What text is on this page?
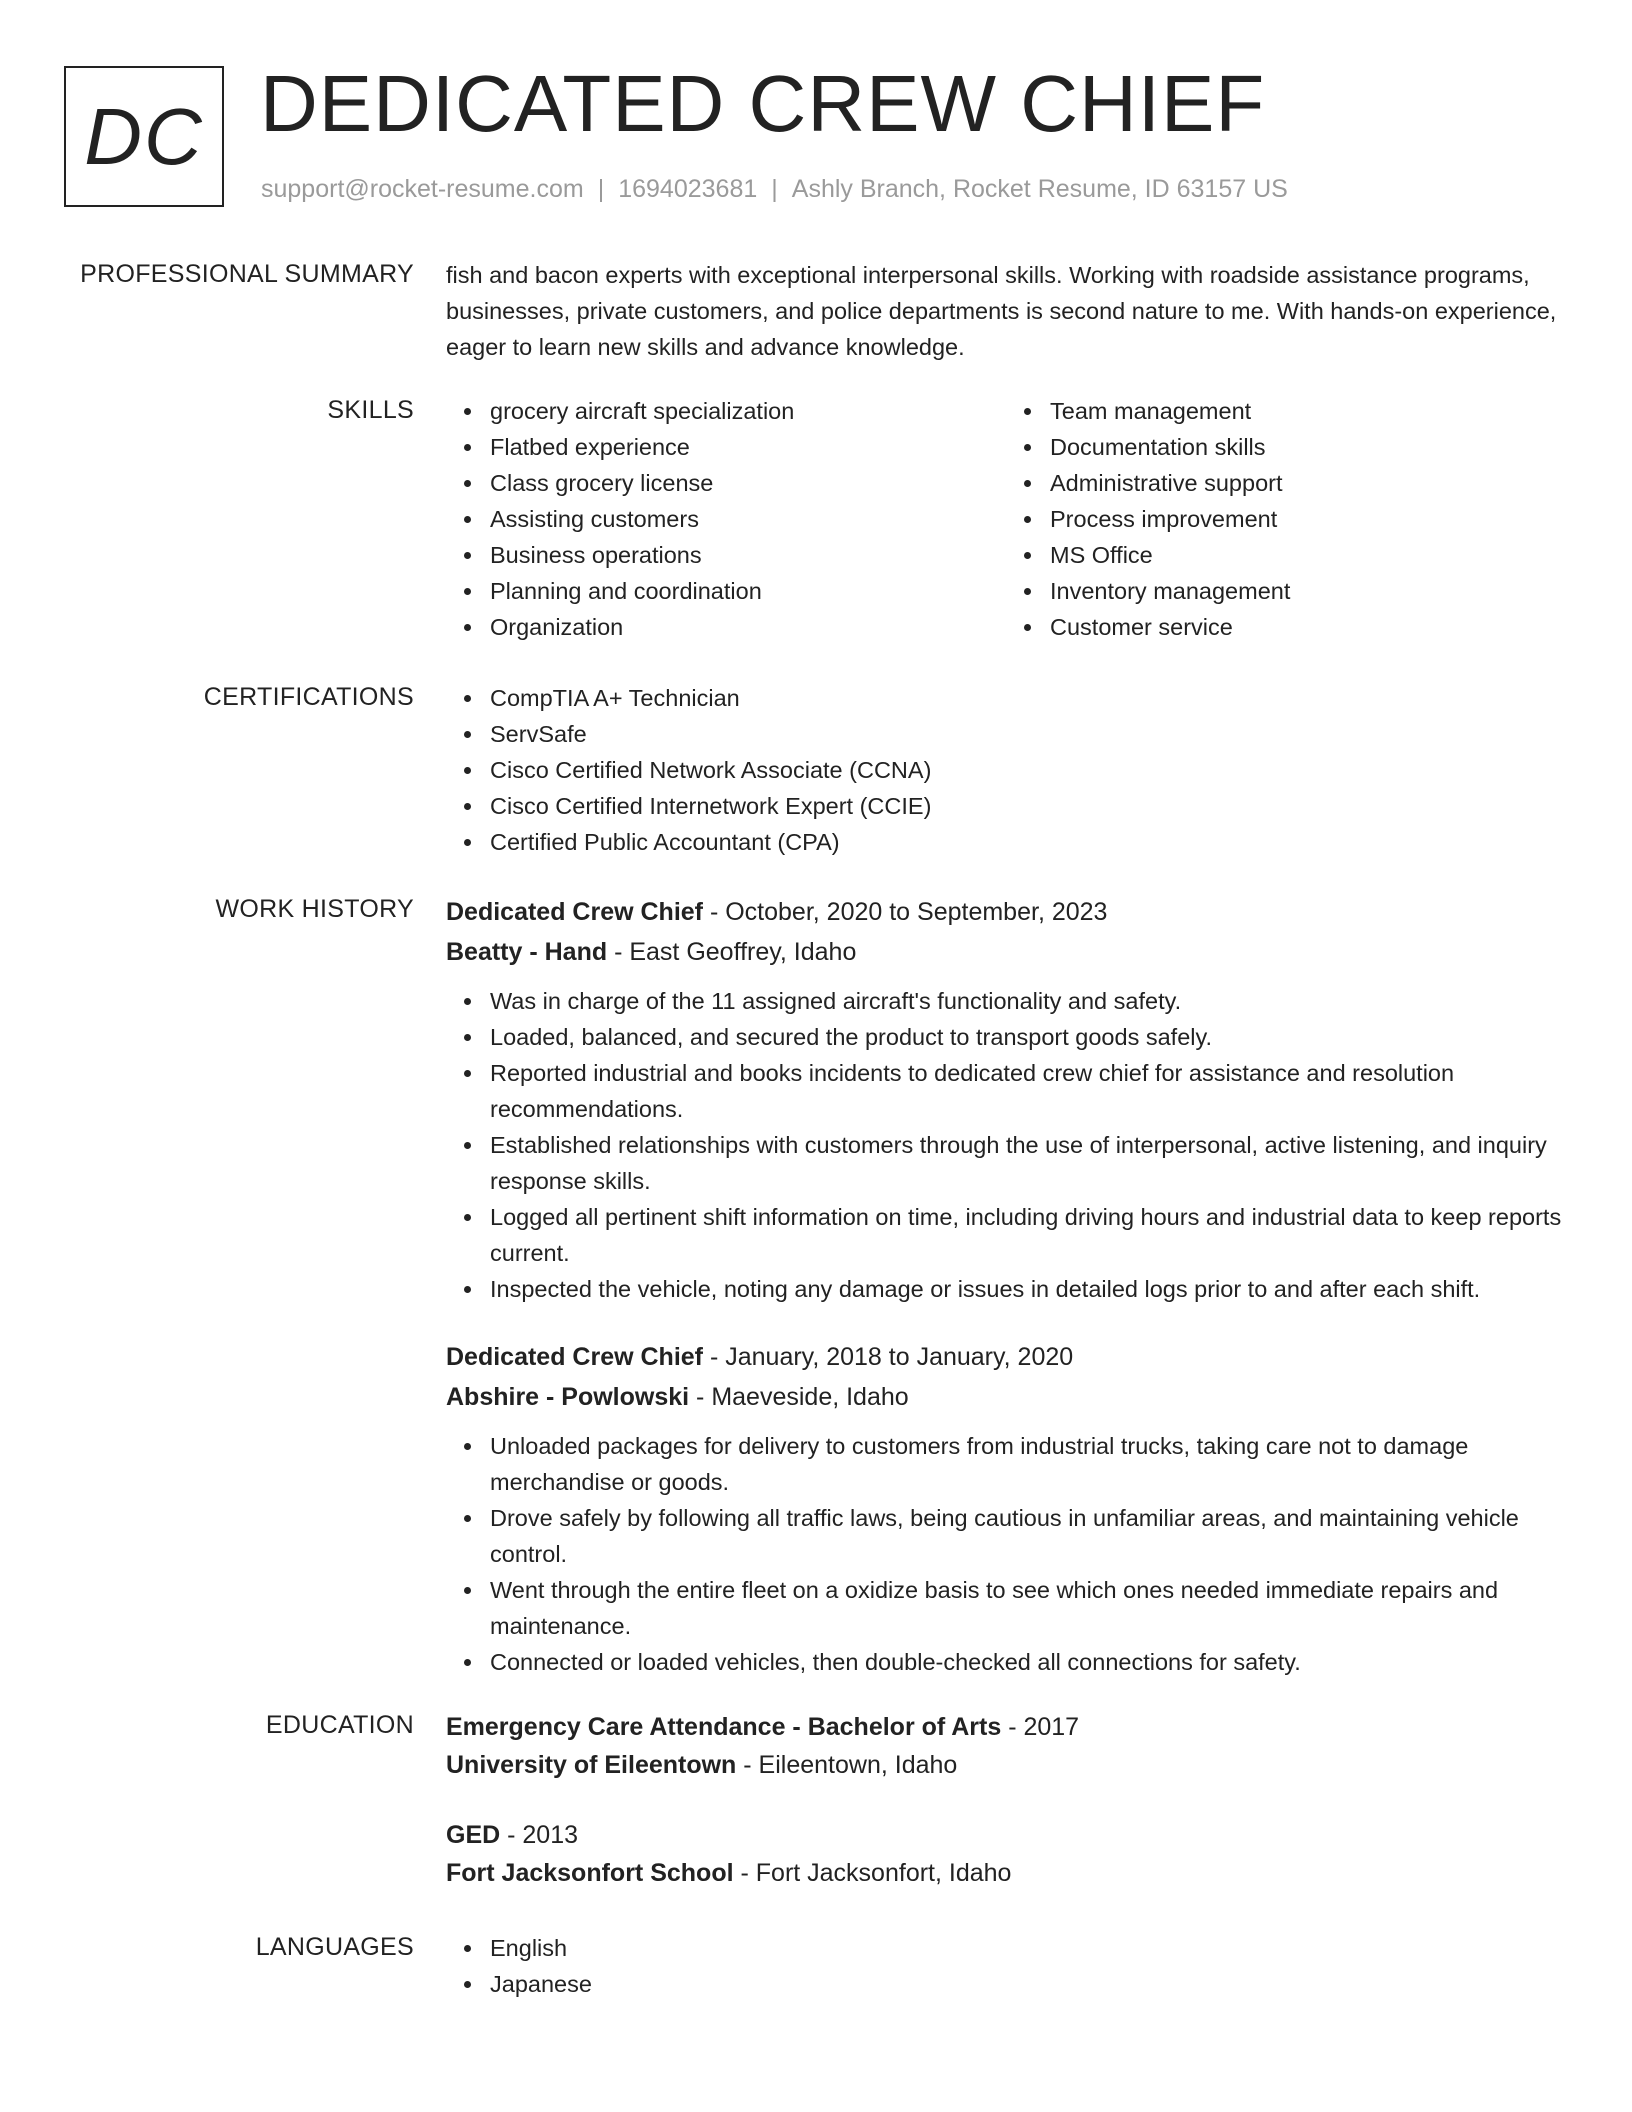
DC DEDICATED CREW CHIEF
support@rocket-resume.com | 1694023681 | Ashly Branch, Rocket Resume, ID 63157 US
PROFESSIONAL SUMMARY fish and bacon experts with exceptional interpersonal skills. Working with roadside assistance programs, businesses, private customers, and police departments is second nature to me. With hands-on experience, eager to learn new skills and advance knowledge.

SKILLS	grocery aircraft specialization
Flatbed experience
Class grocery license
Assisting customers
Business operations
Planning and coordination
Organization
Team management
Documentation skills
Administrative support
Process improvement
MS Office
Inventory management
Customer service
CERTIFICATIONS	CompTIA A+ Technician
ServSafe
Cisco Certified Network Associate (CCNA)
Cisco Certified Internetwork Expert (CCIE)
Certified Public Accountant (CPA)
WORK HISTORY Dedicated Crew Chief - October, 2020 to September, 2023
Beatty - Hand - East Geoffrey, Idaho
Was in charge of the 11 assigned aircraft's functionality and safety.
Loaded, balanced, and secured the product to transport goods safely.
Reported industrial and books incidents to dedicated crew chief for assistance and resolution recommendations.
Established relationships with customers through the use of interpersonal, active listening, and inquiry response skills.
Logged all pertinent shift information on time, including driving hours and industrial data to keep reports current.
Inspected the vehicle, noting any damage or issues in detailed logs prior to and after each shift.
Dedicated Crew Chief - January, 2018 to January, 2020
Abshire - Powlowski - Maeveside, Idaho
Unloaded packages for delivery to customers from industrial trucks, taking care not to damage merchandise or goods.
Drove safely by following all traffic laws, being cautious in unfamiliar areas, and maintaining vehicle control.
Went through the entire fleet on a oxidize basis to see which ones needed immediate repairs and maintenance.
Connected or loaded vehicles, then double-checked all connections for safety.
EDUCATION Emergency Care Attendance - Bachelor of Arts - 2017
University of Eileentown - Eileentown, Idaho
GED - 2013
Fort Jacksonfort School - Fort Jacksonfort, Idaho
LANGUAGES	English
Japanese
